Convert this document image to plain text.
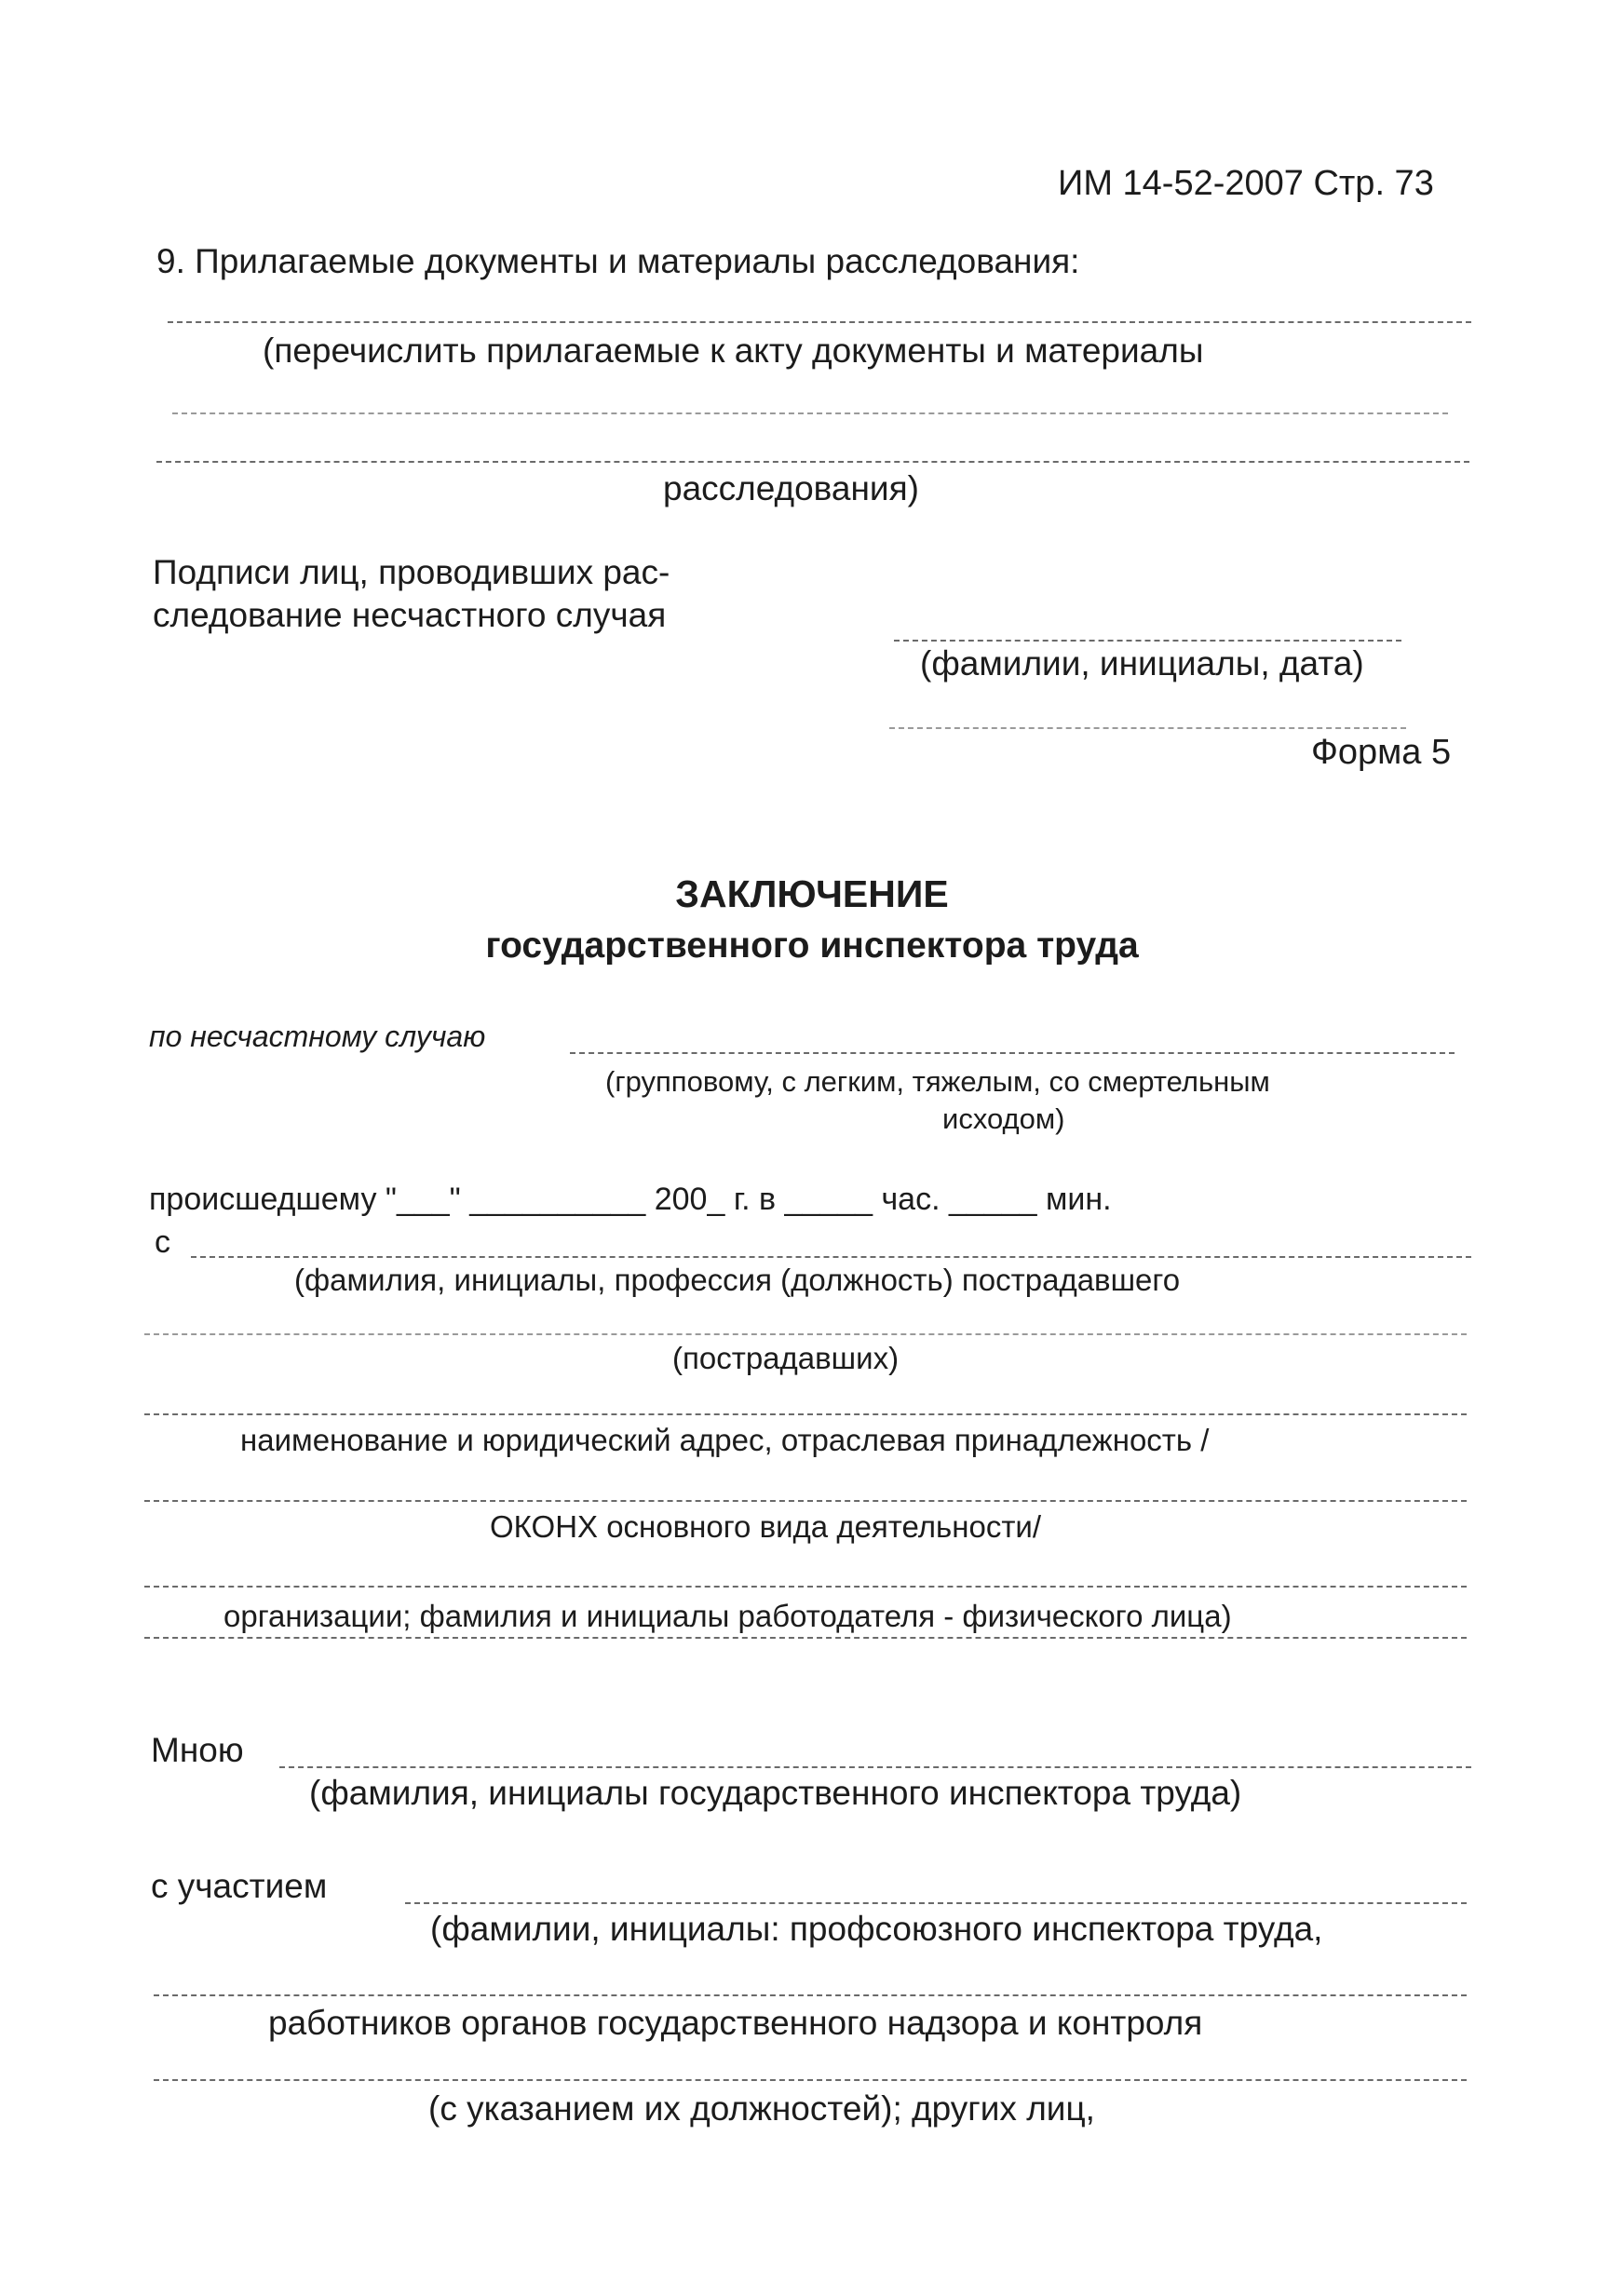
ИМ 14-52-2007 Стр. 73
9. Прилагаемые документы и материалы расследования:
(перечислить прилагаемые к акту документы и материалы
расследования)
Подписи лиц, проводивших рас-
следование несчастного случая
(фамилии, инициалы, дата)
Форма 5
ЗАКЛЮЧЕНИЕ
государственного инспектора труда
по несчастному случаю
(групповому, с легким, тяжелым, со смертельным
исходом)
происшедшему "___" __________ 200_ г. в _____ час. _____ мин.
с
(фамилия, инициалы, профессия (должность) пострадавшего
(пострадавших)
наименование и юридический адрес, отраслевая принадлежность /
ОКОНХ основного вида деятельности/
организации; фамилия и инициалы работодателя - физического лица)
Мною
(фамилия, инициалы государственного инспектора труда)
с участием
(фамилии, инициалы: профсоюзного инспектора труда,
работников органов государственного надзора и контроля
(с указанием их должностей); других лиц,
